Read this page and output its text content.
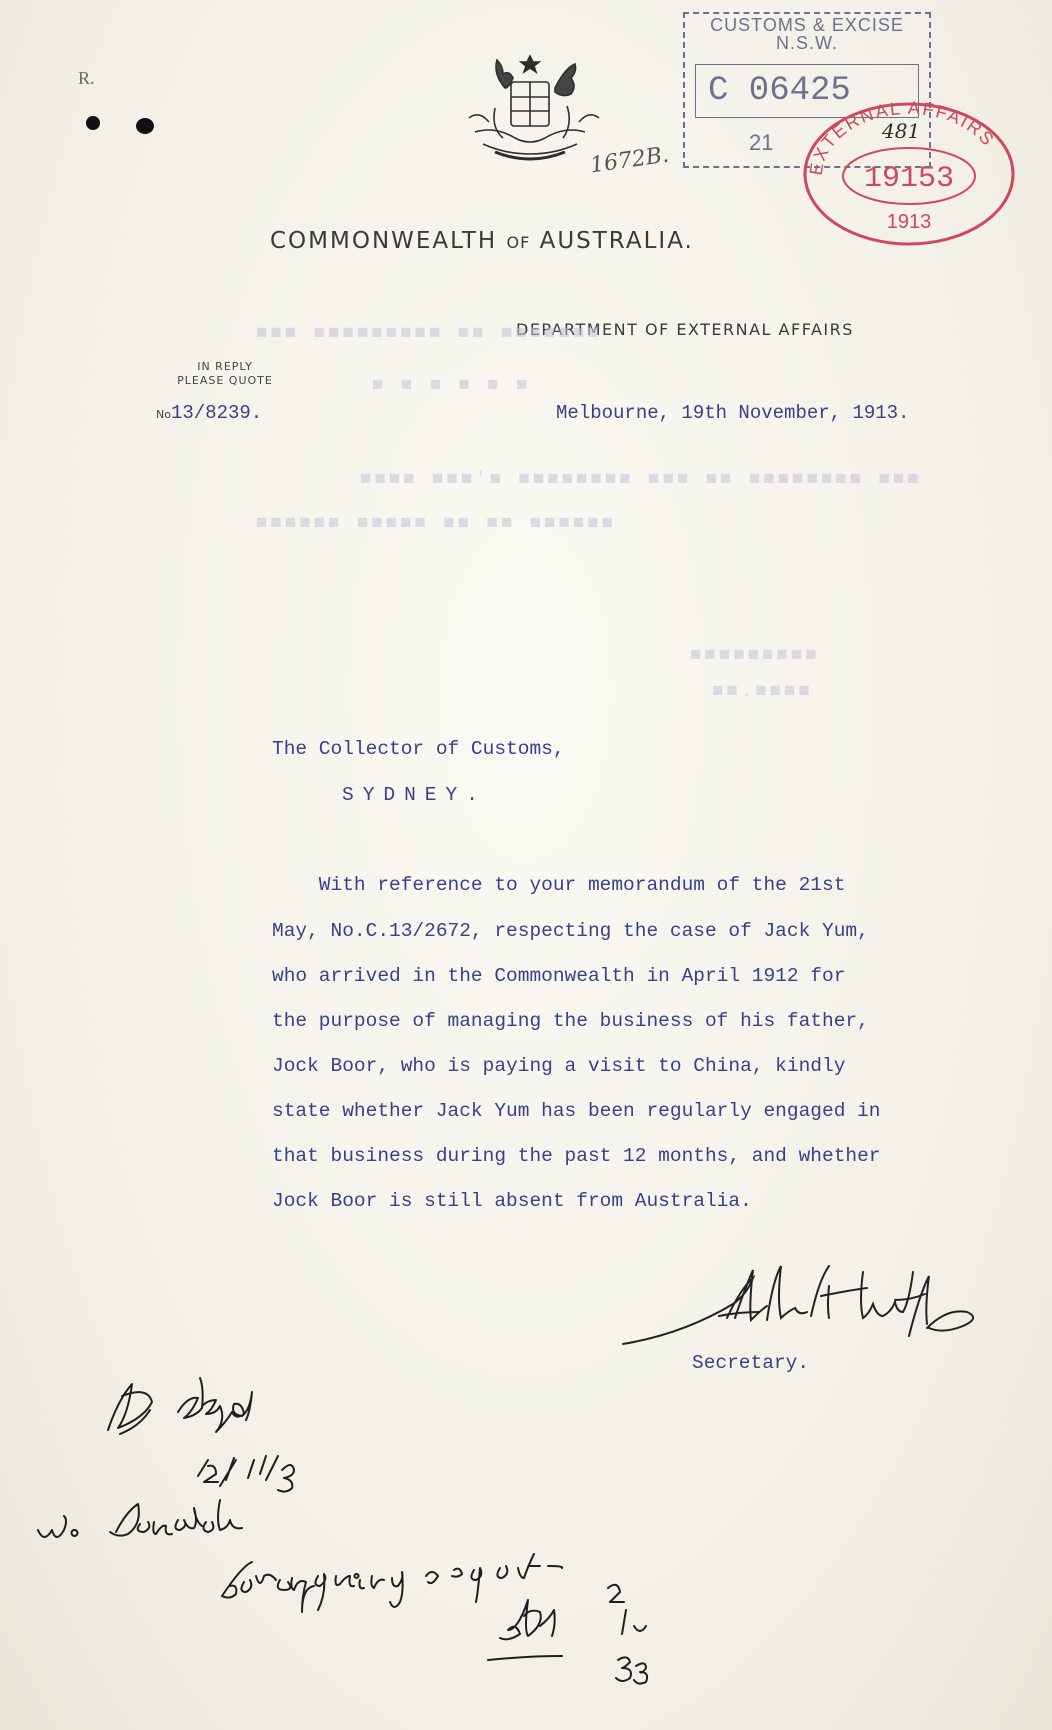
R.
1672B.
CUSTOMS & EXCISE
N.S.W.
C 06425
21
EXTERNAL AFFAIRS
19153
1913
481
COMMONWEALTH OF AUSTRALIA.
DEPARTMENT OF EXTERNAL AFFAIRS
IN REPLY
PLEASE QUOTE
No13/8239.	Melbourne, 19th November, 1913.
■■■ ■■■■■■■■■ ■■ ■■■■■■■
■ ■ ■ ■ ■ ■
■■■■ ■■■'■ ■■■■■■■■ ■■■ ■■ ■■■■■■■■ ■■■
■■■■■■ ■■■■■ ■■ ■■ ■■■■■■
■■■■■■■■■
■■.■■■■
The Collector of Customs,
SYDNEY.
With reference to your memorandum of the 21st
May, No.C.13/2672, respecting the case of Jack Yum,
who arrived in the Commonwealth in April 1912 for
the purpose of managing the business of his father,
Jock Boor, who is paying a visit to China, kindly
state whether Jack Yum has been regularly engaged in
that business during the past 12 months, and whether
Jock Boor is still absent from Australia.
Secretary.
